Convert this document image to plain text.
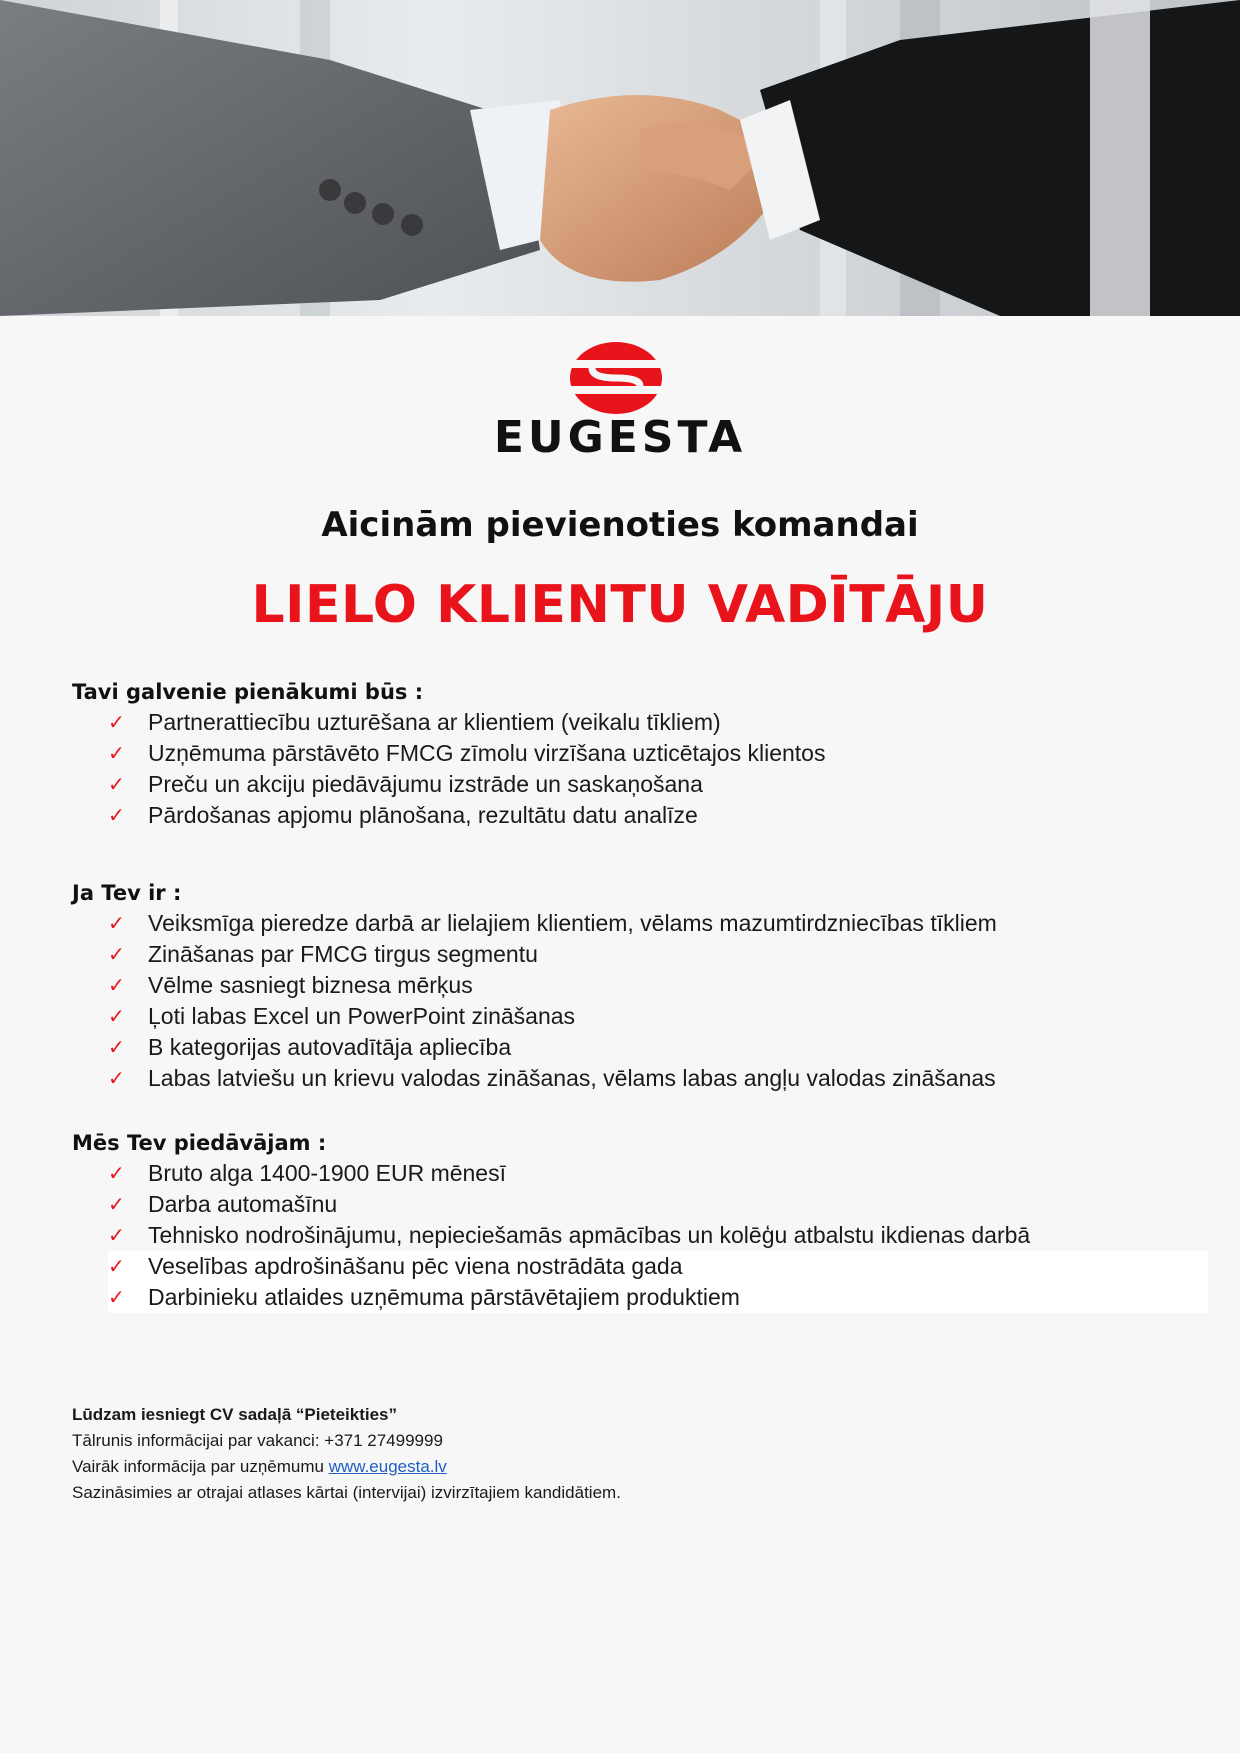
EUGESTA
Aicinām pievienoties komandai
LIELO KLIENTU VADĪTĀJU
Tavi galvenie pienākumi būs :
✓ Partnerattiecību uzturēšana ar klientiem (veikalu tīkliem)
✓ Uzņēmuma pārstāvēto FMCG zīmolu virzīšana uzticētajos klientos
✓ Preču un akciju piedāvājumu izstrāde un saskaņošana
✓ Pārdošanas apjomu plānošana, rezultātu datu analīze
Ja Tev ir :
✓ Veiksmīga pieredze darbā ar lielajiem klientiem, vēlams mazumtirdzniecības tīkliem
✓ Zināšanas par FMCG tirgus segmentu
✓ Vēlme sasniegt biznesa mērķus
✓ Ļoti labas Excel un PowerPoint zināšanas
✓ B kategorijas autovadītāja apliecība
✓ Labas latviešu un krievu valodas zināšanas, vēlams labas angļu valodas zināšanas
Mēs Tev piedāvājam :
✓ Bruto alga 1400-1900 EUR mēnesī
✓ Darba automašīnu
✓ Tehnisko nodrošinājumu, nepieciešamās apmācības un kolēģu atbalstu ikdienas darbā
✓ Veselības apdrošināšanu pēc viena nostrādāta gada
✓ Darbinieku atlaides uzņēmuma pārstāvētajiem produktiem
Lūdzam iesniegt CV sadaļā “Pieteikties”
Tālrunis informācijai par vakanci: +371 27499999
Vairāk informācija par uzņēmumu www.eugesta.lv
Sazināsimies ar otrajai atlases kārtai (intervijai) izvirzītajiem kandidātiem.
